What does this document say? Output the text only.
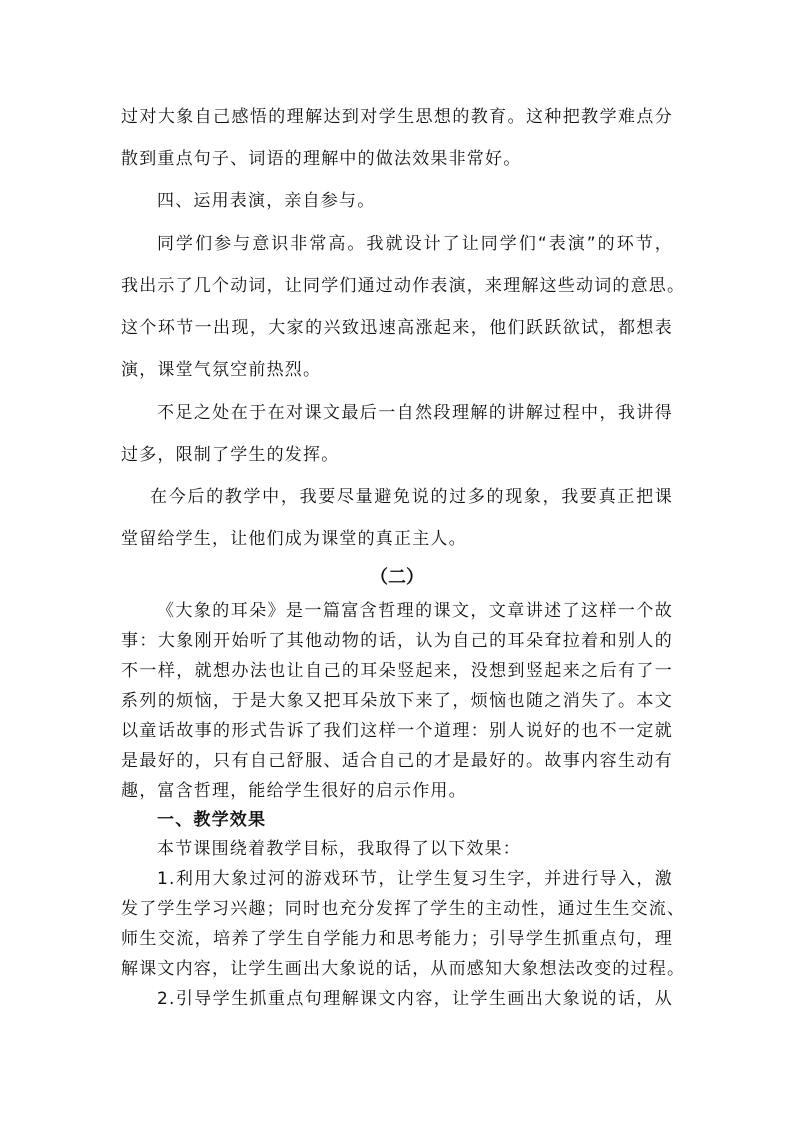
过对大象自己感悟的理解达到对学生思想的教育。这种把教学难点分
散到重点句子、词语的理解中的做法效果非常好。
四、运用表演，亲自参与。
同学们参与意识非常高。我就设计了让同学们“表演”的环节，
我出示了几个动词，让同学们通过动作表演，来理解这些动词的意思。
这个环节一出现，大家的兴致迅速高涨起来，他们跃跃欲试，都想表
演，课堂气氛空前热烈。
不足之处在于在对课文最后一自然段理解的讲解过程中，我讲得
过多，限制了学生的发挥。
在今后的教学中，我要尽量避免说的过多的现象，我要真正把课
堂留给学生，让他们成为课堂的真正主人。
（二）
《大象的耳朵》是一篇富含哲理的课文，文章讲述了这样一个故
事：大象刚开始听了其他动物的话，认为自己的耳朵耷拉着和别人的
不一样，就想办法也让自己的耳朵竖起来，没想到竖起来之后有了一
系列的烦恼，于是大象又把耳朵放下来了，烦恼也随之消失了。本文
以童话故事的形式告诉了我们这样一个道理：别人说好的也不一定就
是最好的，只有自己舒服、适合自己的才是最好的。故事内容生动有
趣，富含哲理，能给学生很好的启示作用。
一、教学效果
本节课围绕着教学目标，我取得了以下效果：
1.利用大象过河的游戏环节，让学生复习生字，并进行导入，激
发了学生学习兴趣；同时也充分发挥了学生的主动性，通过生生交流、
师生交流，培养了学生自学能力和思考能力；引导学生抓重点句，理
解课文内容，让学生画出大象说的话，从而感知大象想法改变的过程。
2.引导学生抓重点句理解课文内容，让学生画出大象说的话，从
